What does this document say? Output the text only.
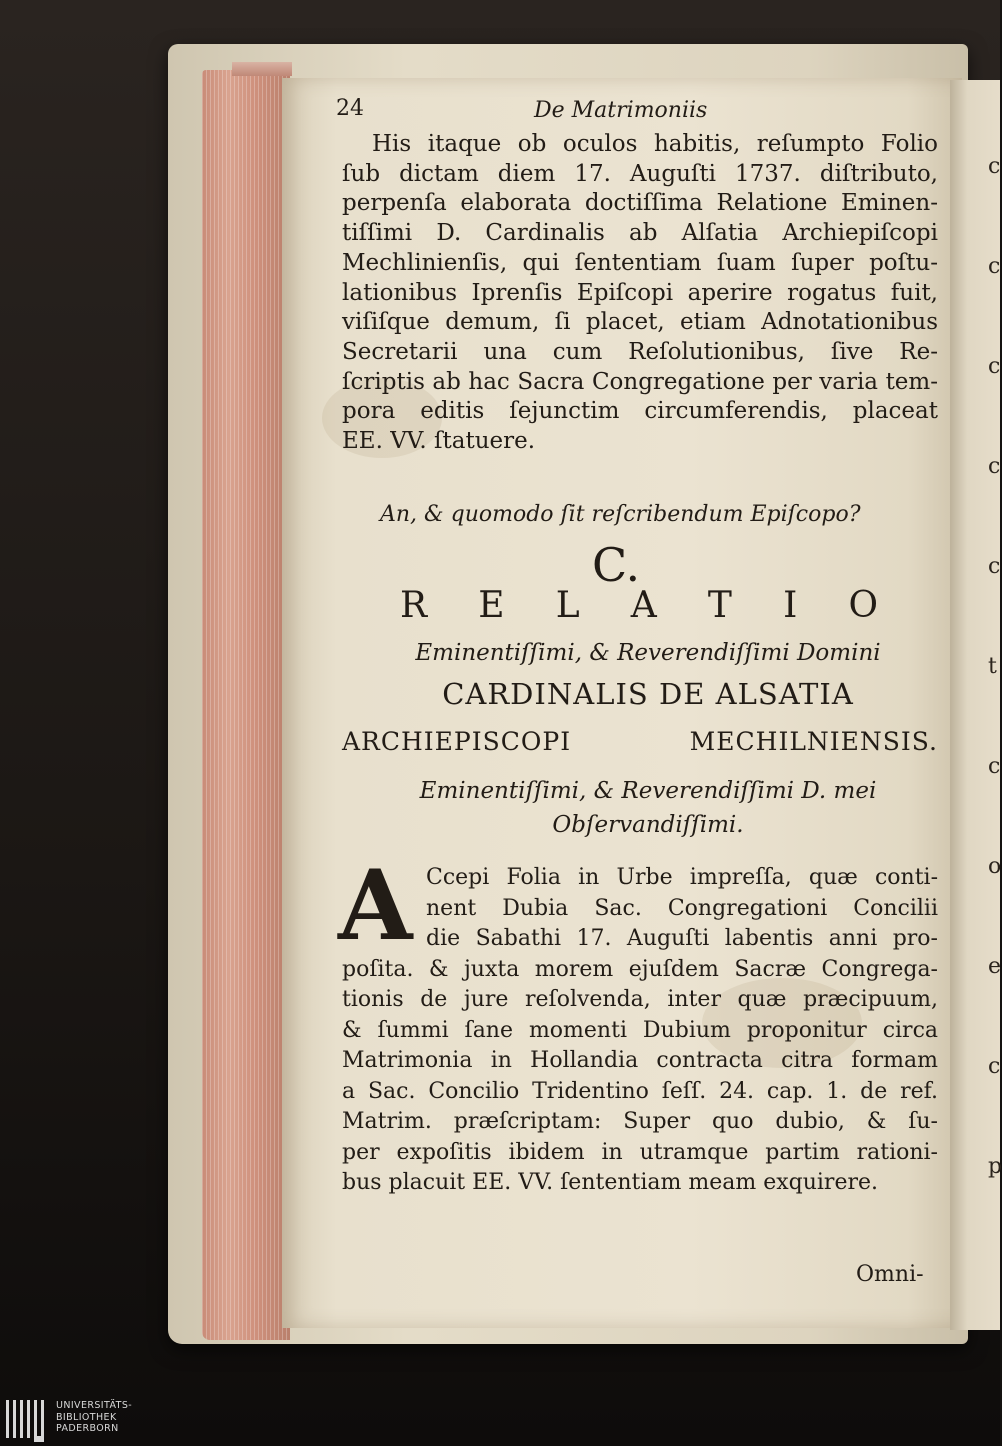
c
c
c
c
c
t
c
o
e
c
p
24	De Matrimoniis
His itaque ob oculos habitis, reſumpto Folio
ſub dictam diem 17. Auguſti 1737. diſtributo,
perpenſa elaborata doctiſſima Relatione Eminen-
tiſſimi D. Cardinalis ab Alſatia Archiepiſcopi
Mechlinienſis, qui ſententiam ſuam ſuper poſtu-
lationibus Iprenſis Epiſcopi aperire rogatus fuit,
viſiſque demum, ſi placet, etiam Adnotationibus
Secretarii una cum Reſolutionibus, ſive Re-
ſcriptis ab hac Sacra Congregatione per varia tem-
pora editis ſejunctim circumferendis, placeat
EE. VV. ſtatuere.
An, & quomodo ſit reſcribendum Epiſcopo?
C.
R E L A T I O
Eminentiſſimi, & Reverendiſſimi Domini
CARDINALIS DE ALSATIA
ARCHIEPISCOPI MECHILNIENSIS.
Eminentiſſimi, & Reverendiſſimi D. mei
Obſervandiſſimi.
A Ccepi Folia in Urbe impreſſa, quæ conti-
nent Dubia Sac. Congregationi Concilii
die Sabathi 17. Auguſti labentis anni pro-
poſita. & juxta morem ejuſdem Sacræ Congrega-
tionis de jure reſolvenda, inter quæ præcipuum,
& ſummi ſane momenti Dubium proponitur circa
Matrimonia in Hollandia contracta citra formam
a Sac. Concilio Tridentino ſeſſ. 24. cap. 1. de ref.
Matrim. præſcriptam: Super quo dubio, & ſu-
per expoſitis ibidem in utramque partim rationi-
bus placuit EE. VV. ſententiam meam exquirere.
Omni-
UNIVERSITÄTS-
BIBLIOTHEK
PADERBORN
